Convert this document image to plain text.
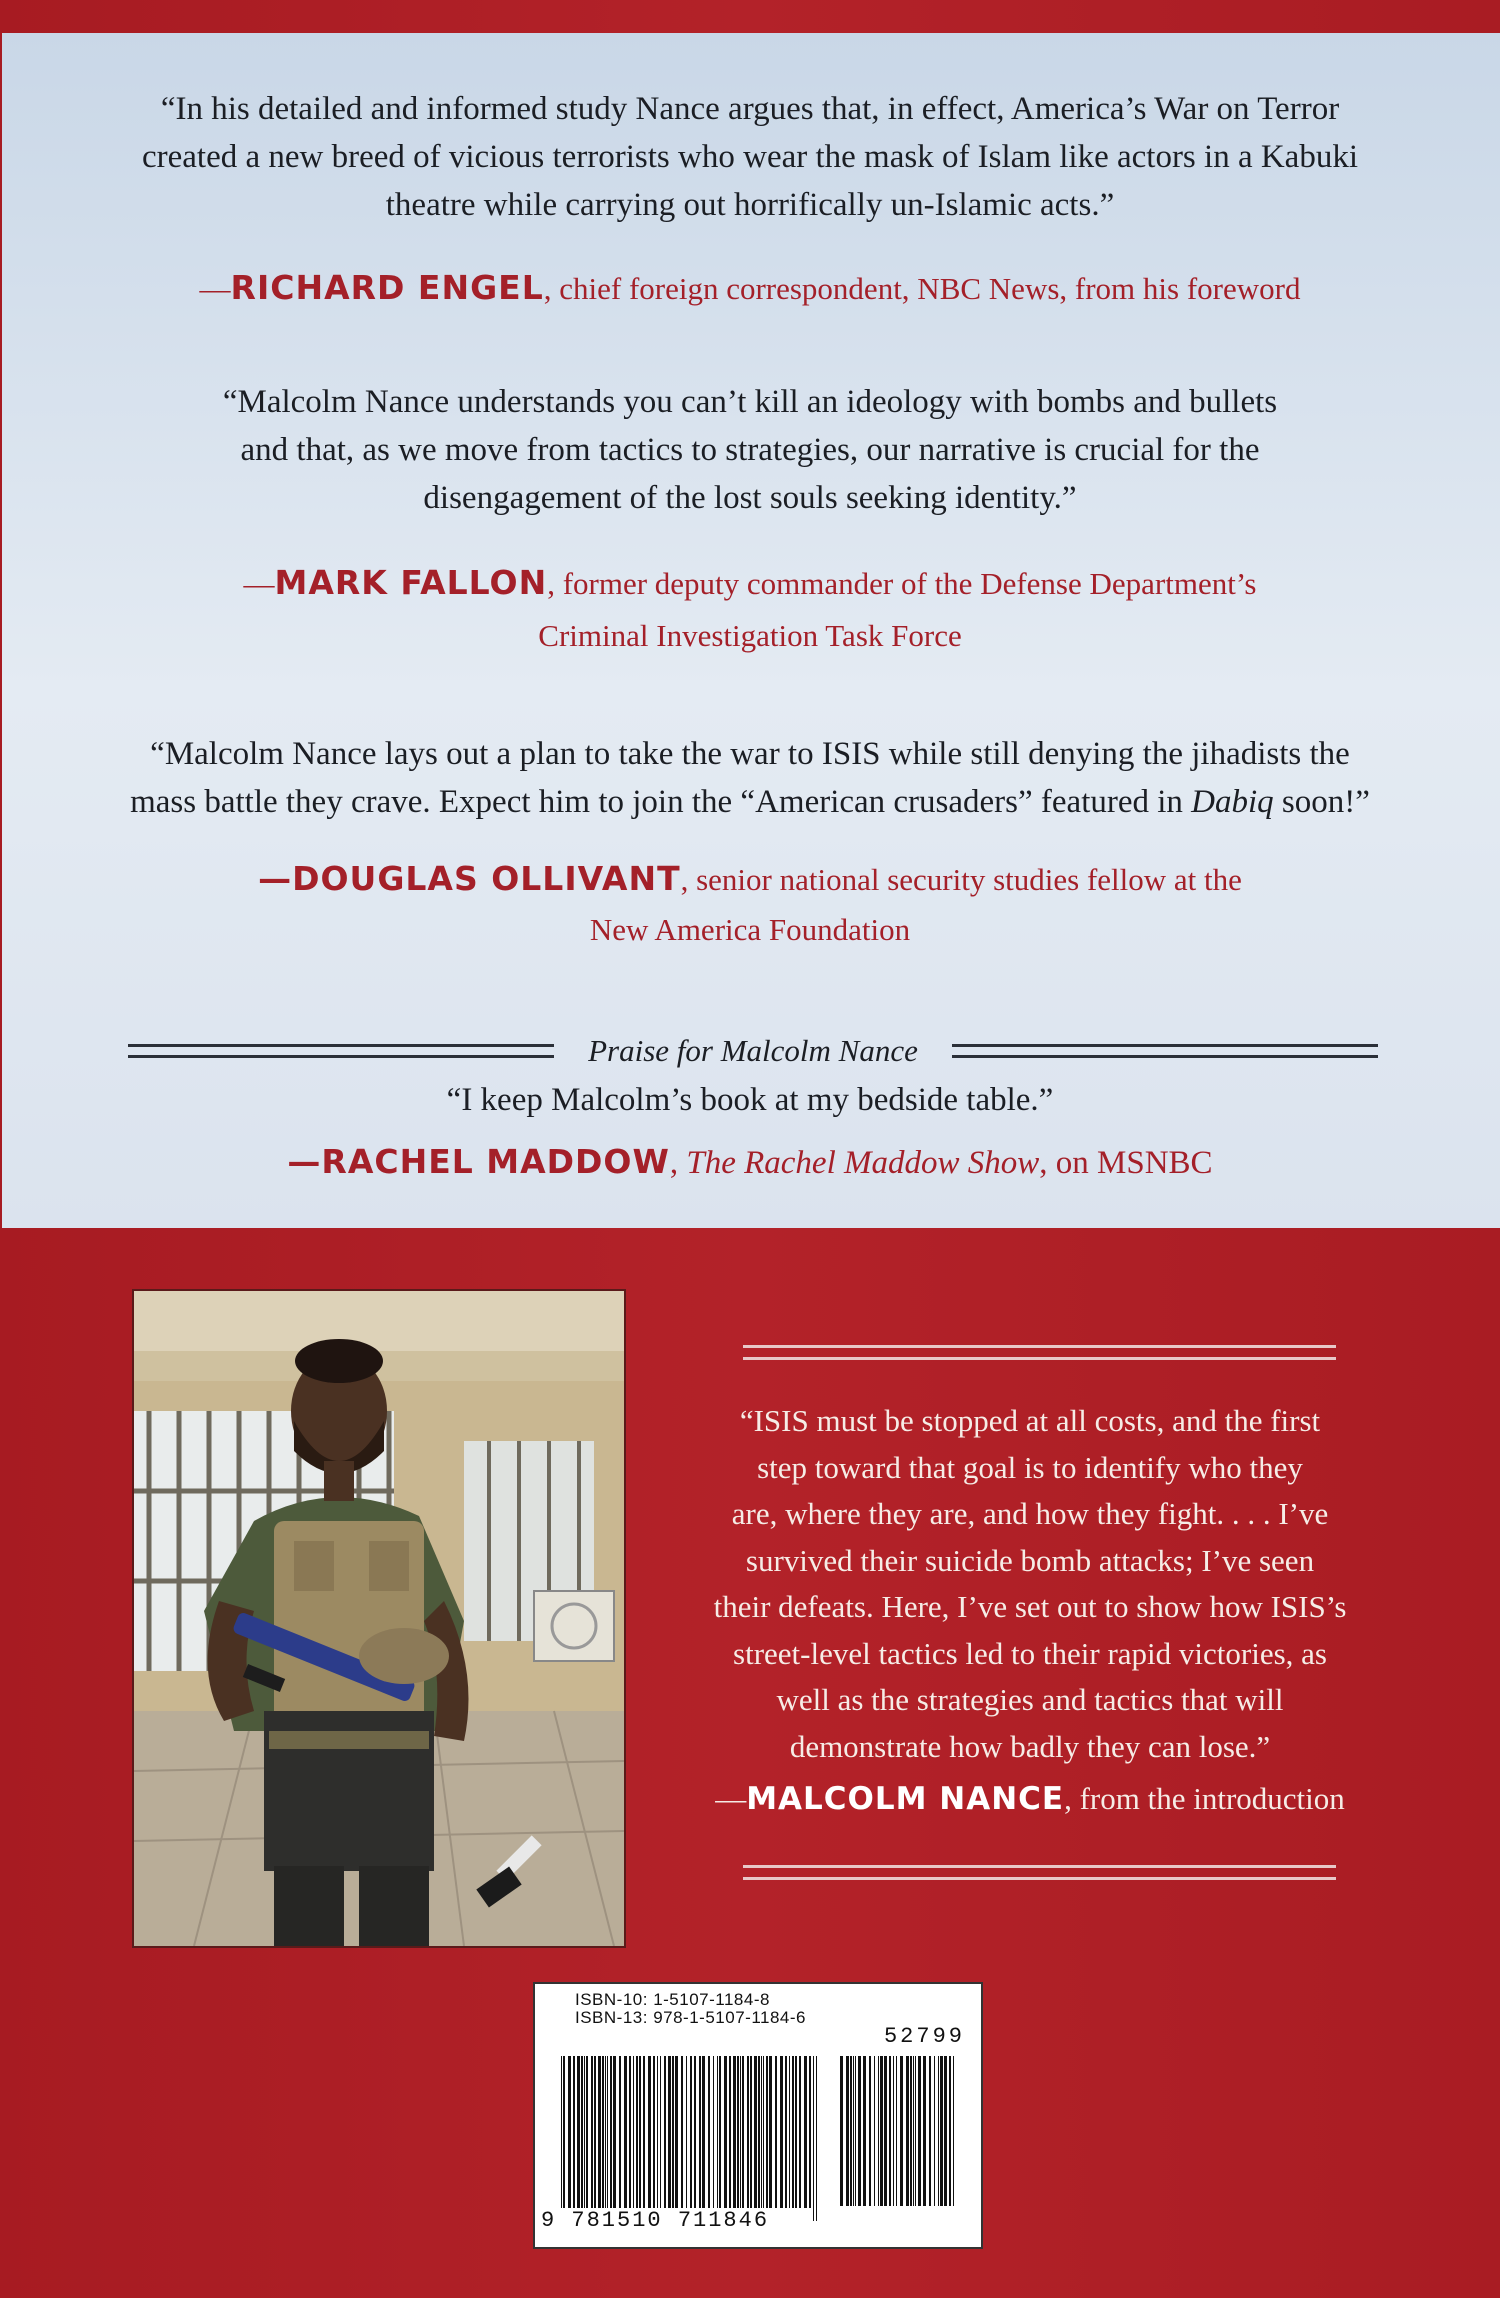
“In his detailed and informed study Nance argues that, in effect, America’s War on Terror
created a new breed of vicious terrorists who wear the mask of Islam like actors in a Kabuki
theatre while carrying out horrifically un-Islamic acts.”
—RICHARD ENGEL, chief foreign correspondent, NBC News, from his foreword
“Malcolm Nance understands you can’t kill an ideology with bombs and bullets
and that, as we move from tactics to strategies, our narrative is crucial for the
disengagement of the lost souls seeking identity.”
—MARK FALLON, former deputy commander of the Defense Department’s
Criminal Investigation Task Force
“Malcolm Nance lays out a plan to take the war to ISIS while still denying the jihadists the
mass battle they crave. Expect him to join the “American crusaders” featured in Dabiq soon!”
—DOUGLAS OLLIVANT, senior national security studies fellow at the
New America Foundation
Praise for Malcolm Nance
“I keep Malcolm’s book at my bedside table.”
—RACHEL MADDOW, The Rachel Maddow Show, on MSNBC
“ISIS must be stopped at all costs, and the first
step toward that goal is to identify who they
are, where they are, and how they fight. . . . I’ve
survived their suicide bomb attacks; I’ve seen
their defeats. Here, I’ve set out to show how ISIS’s
street-level tactics led to their rapid victories, as
well as the strategies and tactics that will
demonstrate how badly they can lose.”
—MALCOLM NANCE, from the introduction
ISBN-10: 1-5107-1184-8
ISBN-13: 978-1-5107-1184-6
52799
9 781510 711846
